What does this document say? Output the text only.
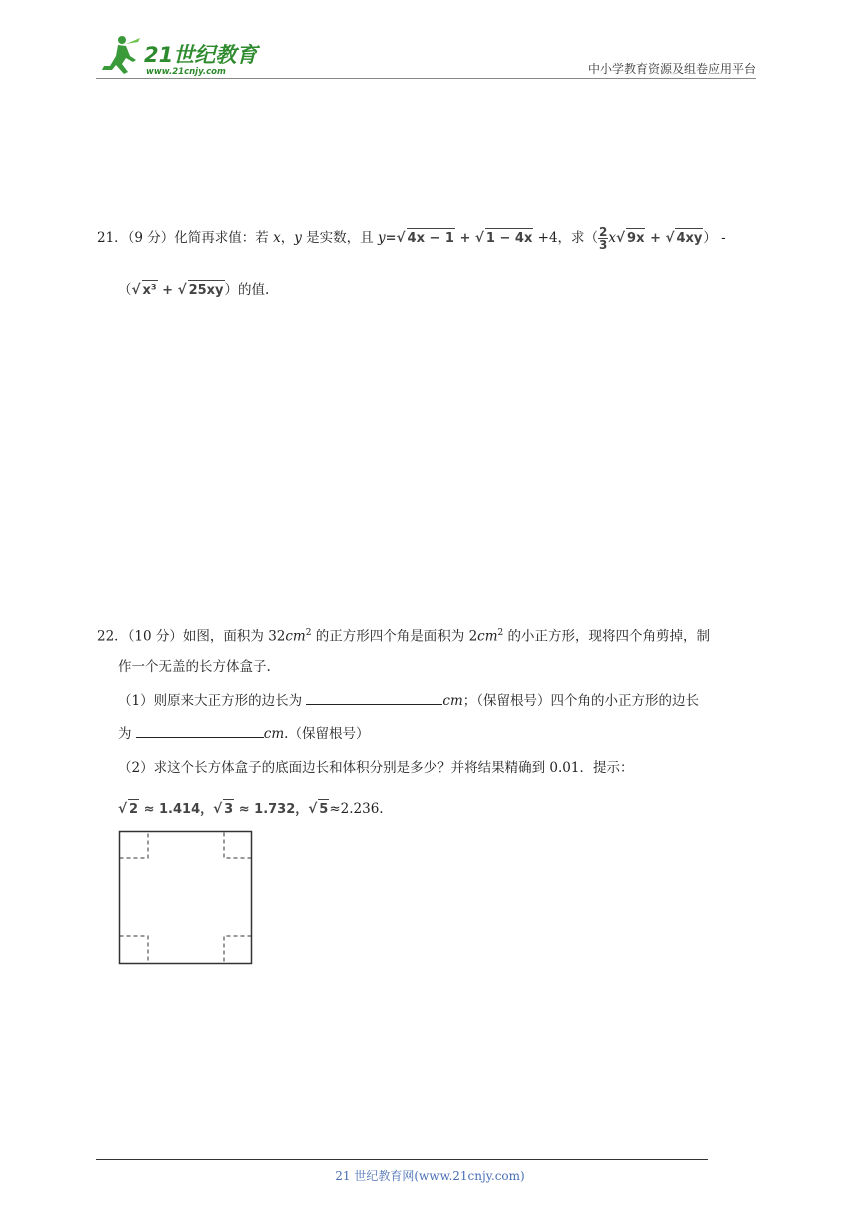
21世纪教育
www.21cnjy.com	中小学教育资源及组卷应用平台
21．（9 分）化简再求值：若 x，y 是实数，且 y=√ 4x − 1 + √ 1 − 4x +4，求（ $\frac{2}{3} x√$ 9x + √ 4xy） -
（√ x³ + √ 25xy）的值.
22．（10 分）如图，面积为 $32cm^2$ 的正方形四个角是面积为 $2cm^2$ 的小正方形，现将四个角剪掉，制
作一个无盖的长方体盒子.
（1）则原来大正方形的边长为	cm；（保留根号）四个角的小正方形的边长
为	cm.（保留根号）
（2）求这个长方体盒子的底面边长和体积分别是多少？并将结果精确到 0.01．提示：
√ 2 ≈ 1.414，√ 3 ≈ 1.732，√ 5≈2.236.
21 世纪教育网(www.21cnjy.com)
